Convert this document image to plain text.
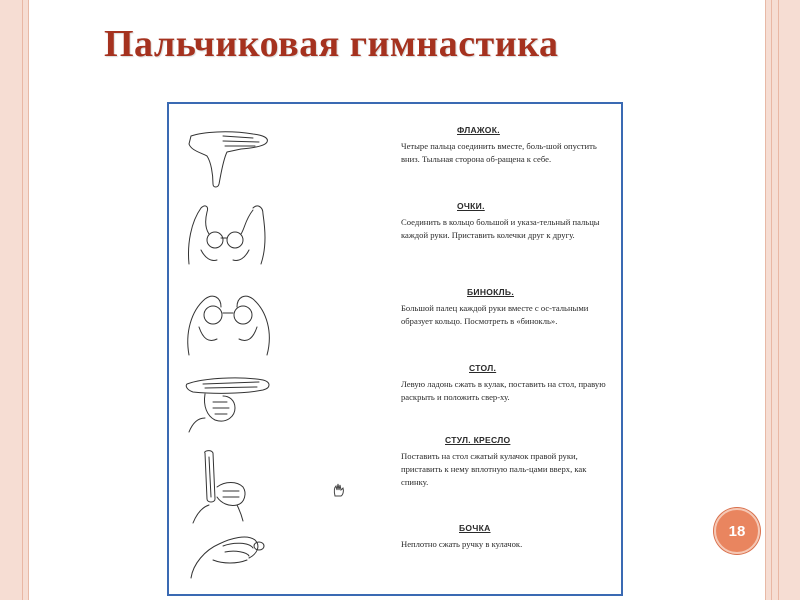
Пальчиковая гимнастика
ФЛАЖОК.
Четыре пальца соединить вместе, боль-шой опустить вниз. Тыльная сторона об-ращена к себе.
ОЧКИ.
Соединить в кольцо большой и указа-тельный пальцы каждой руки. Приставить колечки друг к другу.
БИНОКЛЬ.
Большой палец каждой руки вместе с ос-тальными образует кольцо. Посмотреть в «бинокль».
СТОЛ.
Левую ладонь сжать в кулак, поставить на стол, правую раскрыть и положить свер-ху.
СТУЛ. КРЕСЛО
Поставить на стол сжатый кулачок правой руки, приставить к нему вплотную паль-цами вверх, как спинку.
БОЧКА
Неплотно сжать ручку в кулачок.
18
